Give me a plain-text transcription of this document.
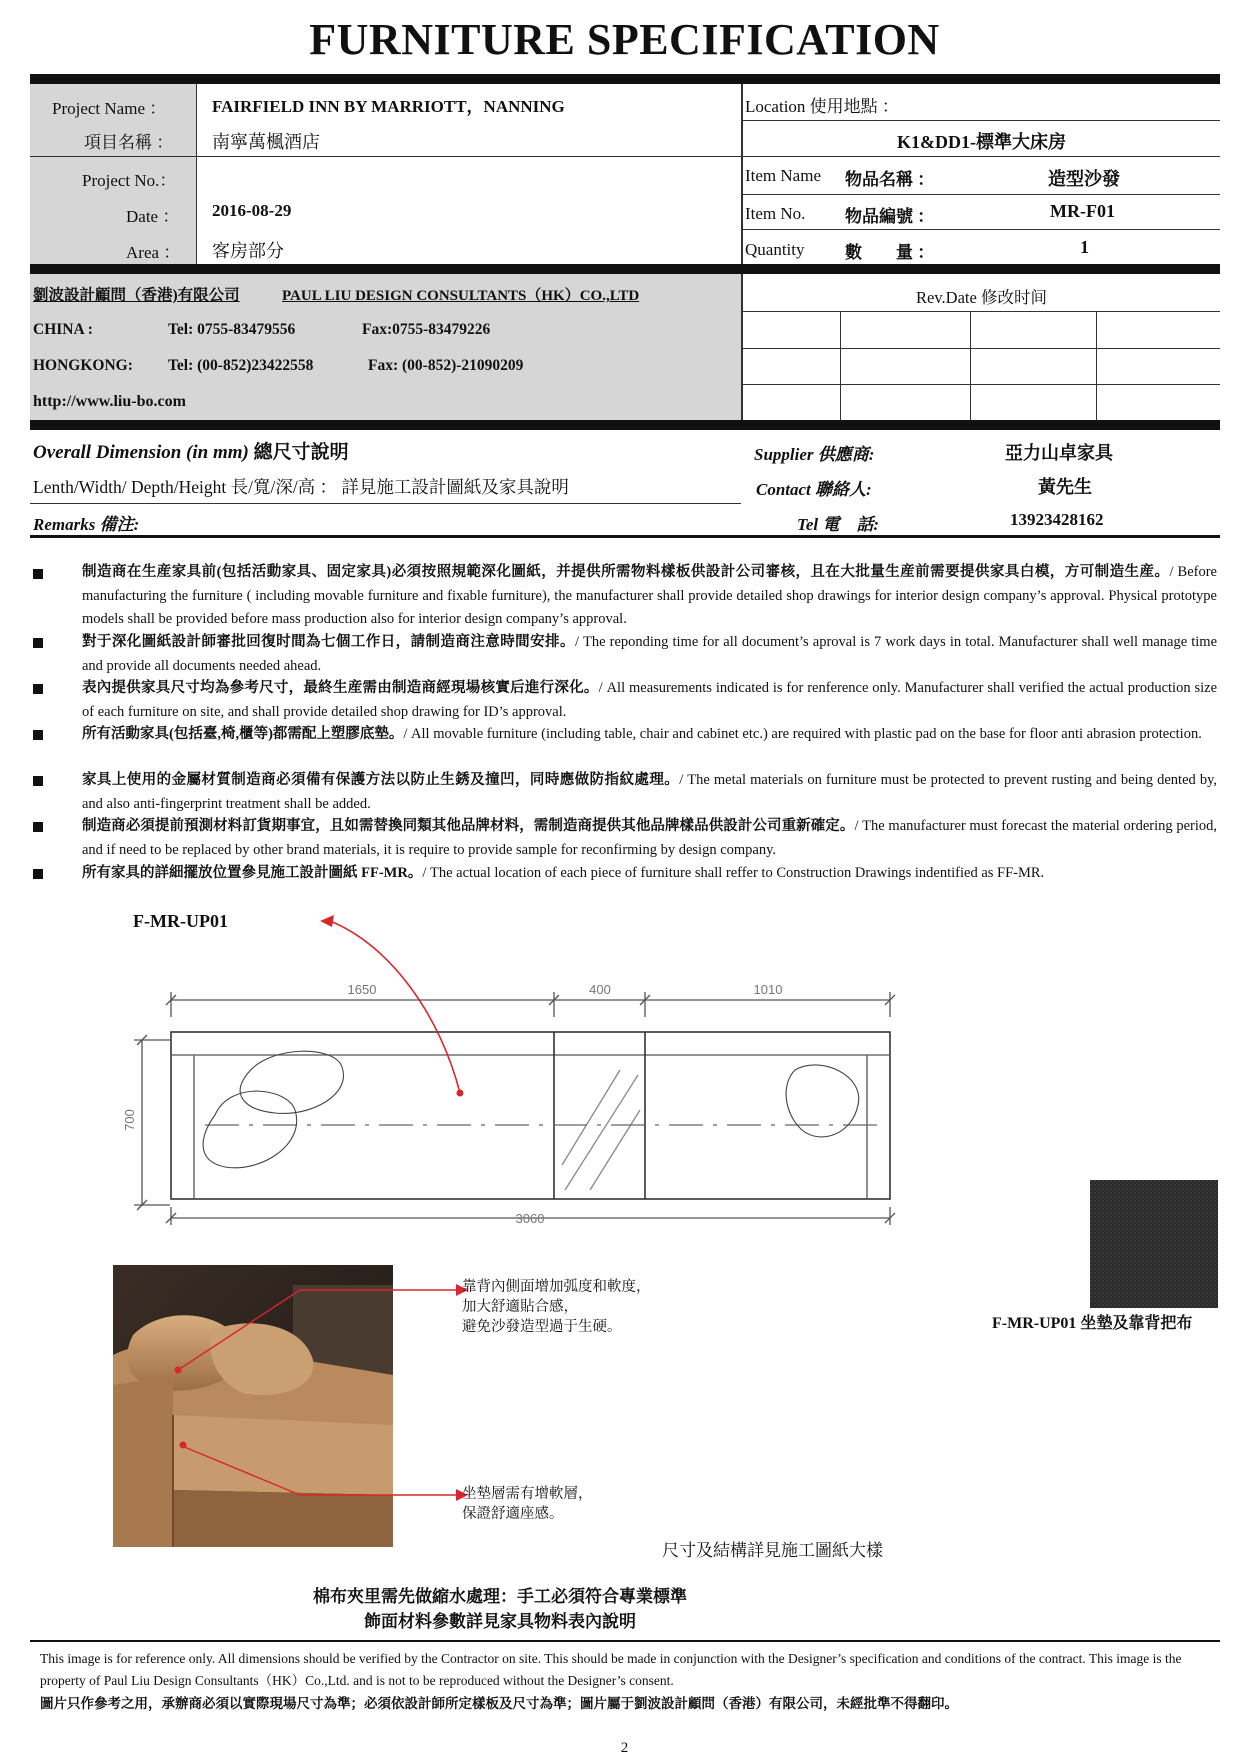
FURNITURE SPECIFICATION
Project Name ：
項目名稱 ：
FAIRFIELD INN BY MARRIOTT，NANNING
南寧萬楓酒店
Project No.：
Date ： 2016-08-29
Area ： 客房部分
Location 使用地點 ：
K1&DD1-標準大床房
Item Name 物品名稱 ：	造型沙發
Item No. 物品編號 ：	MR-F01
Quantity 數　　量 ：	1
劉波設計顧問（香港)有限公司	PAUL LIU DESIGN CONSULTANTS（HK）CO.,LTD
CHINA :	Tel: 0755-83479556	Fax:0755-83479226
HONGKONG: Tel: (00-852)23422558	Fax: (00-852)-21090209
http://www.liu-bo.com
Rev.Date 修改时间
Overall Dimension (in mm) 總尺寸說明
Lenth/Width/ Depth/Height 長/寬/深/高 ： 詳見施工設計圖紙及家具說明
Remarks 備注:
Supplier 供應商:	亞力山卓家具
Contact 聯絡人:	黃先生
Tel 電　話:	13923428162
制造商在生産家具前(包括活動家具、固定家具)必須按照規範深化圖紙，并提供所需物料樣板供設計公司審核，且在大批量生産前需要提供家具白模，方可制造生産。/ Before manufacturing the furniture ( including movable furniture and fixable furniture), the manufacturer shall provide detailed shop drawings for interior design company’s approval. Physical prototype models shall be provided before mass production also for interior design company’s approval.
對于深化圖紙設計師審批回復时間為七個工作日，請制造商注意時間安排。/ The reponding time for all document’s aproval is 7 work days in total. Manufacturer shall well manage time and provide all documents needed ahead.
表內提供家具尺寸均為參考尺寸，最終生産需由制造商經現場核實后進行深化。/ All measurements indicated is for renference only. Manufacturer shall verified the actual production size of each furniture on site, and shall provide detailed shop drawing for ID’s approval.
所有活動家具(包括臺,椅,櫃等)都需配上塑膠底墊。/ All movable furniture (including table, chair and cabinet etc.) are required with plastic pad on the base for floor anti abrasion protection.
家具上使用的金屬材質制造商必須備有保護方法以防止生銹及撞凹，同時應做防指紋處理。/ The metal materials on furniture must be protected to prevent rusting and being dented by, and also anti-fingerprint treatment shall be added.
制造商必須提前預測材料訂貨期事宜，且如需替換同類其他品牌材料，需制造商提供其他品牌樣品供設計公司重新確定。/ The manufacturer must forecast the material ordering period, and if need to be replaced by other brand materials, it is require to provide sample for reconfirming by design company.
所有家具的詳細擺放位置參見施工設計圖紙 FF-MR。/ The actual location of each piece of furniture shall reffer to Construction Drawings indentified as FF-MR.
F-MR-UP01
1650	400	1010
700
3060
F-MR-UP01 坐墊及靠背把布
靠背內側面增加弧度和軟度，
加大舒適貼合感，
避免沙發造型過于生硬。
坐墊層需有增軟層，
保證舒適座感。
尺寸及結構詳見施工圖紙大樣
棉布夾里需先做縮水處理：手工必須符合專業標準
飾面材料參數詳見家具物料表內說明
This image is for reference only. All dimensions should be verified by the Contractor on site. This should be made in conjunction with the Designer’s specification and conditions of the contract. This image is the property of Paul Liu Design Consultants（HK）Co.,Ltd. and is not to be reproduced without the Designer’s consent.
圖片只作參考之用，承辦商必須以實際現場尺寸為準；必須依設計師所定樣板及尺寸為準；圖片屬于劉波設計顧問（香港）有限公司，未經批準不得翻印。
2
